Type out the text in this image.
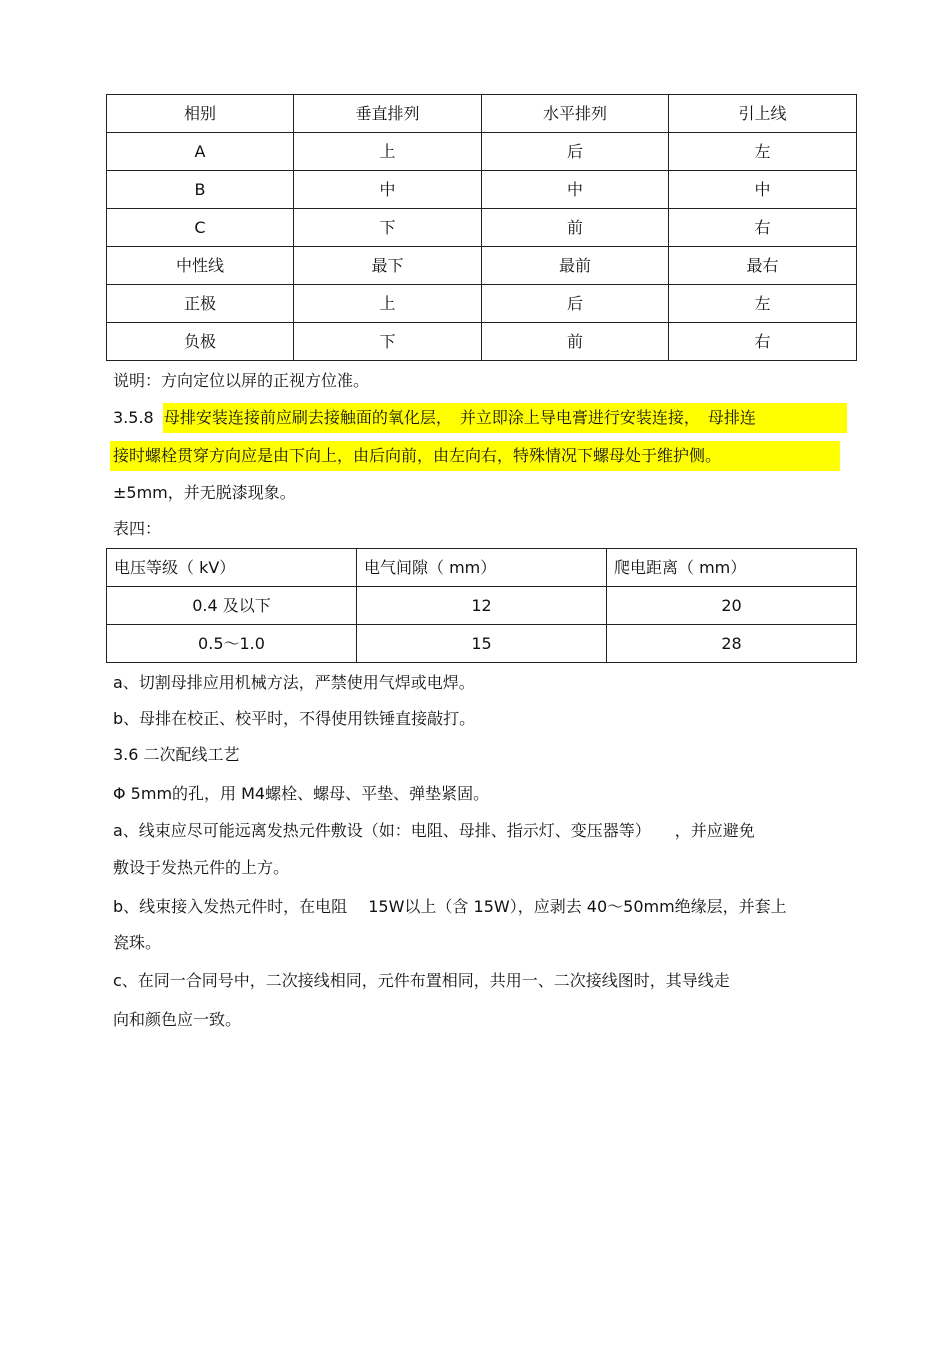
相别	垂直排列	水平排列	引上线
A	上	后	左
B	中	中	中
C	下	前	右
中性线	最下	最前	最右
正极	上	后	左
负极	下	前	右
说明：方向定位以屏的正视方位准。
3.5.8 母排安装连接前应刷去接触面的氧化层，　并立即涂上导电膏进行安装连接，　母排连
接时螺栓贯穿方向应是由下向上，由后向前，由左向右，特殊情况下螺母处于维护侧。
±5mm，并无脱漆现象。
表四：
电压等级（ kV）	电气间隙（ mm）	爬电距离（ mm）
0.4 及以下	12	20
0.5～1.0	15	28
a、切割母排应用机械方法，严禁使用气焊或电焊。
b、母排在校正、校平时，不得使用铁锤直接敲打。
3.6 二次配线工艺
Φ 5mm的孔，用 M4螺栓、螺母、平垫、弹垫紧固。
a、线束应尽可能远离发热元件敷设（如：电阻、母排、指示灯、变压器等）　　，并应避免
敷设于发热元件的上方。
b、线束接入发热元件时，在电阻　 15W以上（含 15W），应剥去 40～50mm绝缘层，并套上
瓷珠。
c、在同一合同号中，二次接线相同，元件布置相同，共用一、二次接线图时，其导线走
向和颜色应一致。
